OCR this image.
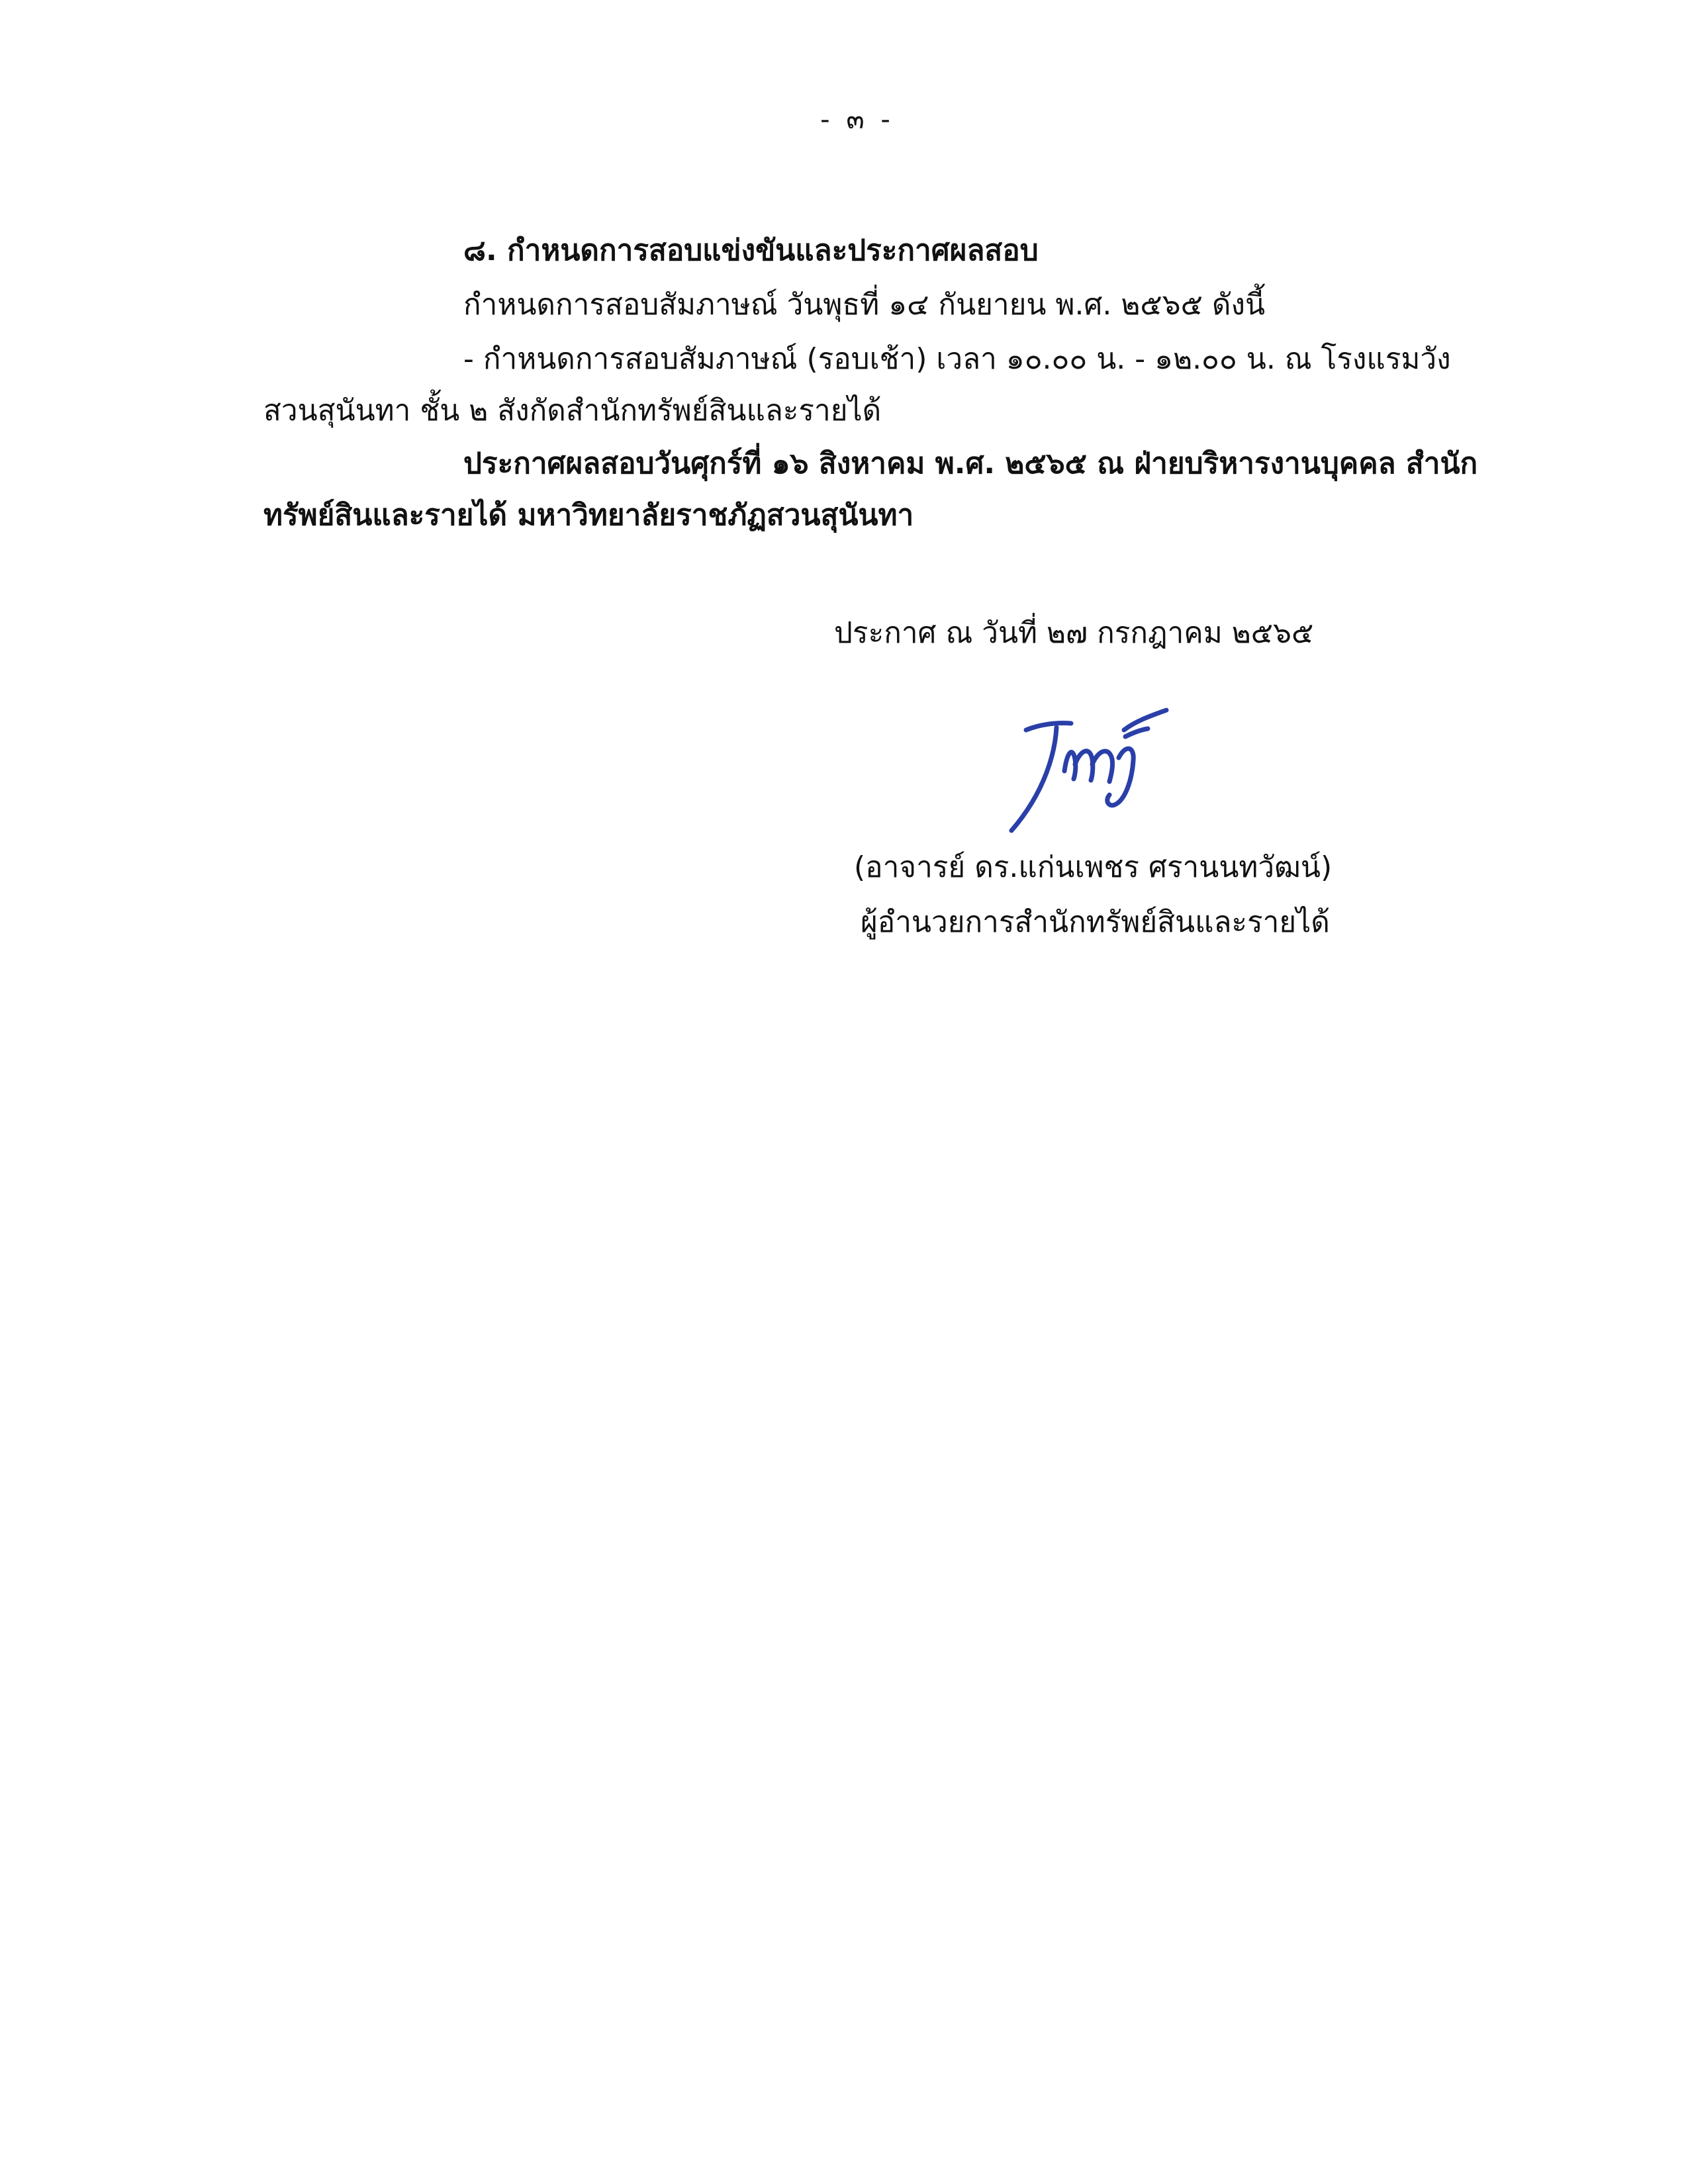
- ๓ -
๘. กำหนดการสอบแข่งขันและประกาศผลสอบ
กำหนดการสอบสัมภาษณ์ วันพุธที่ ๑๔ กันยายน พ.ศ. ๒๕๖๕ ดังนี้
- กำหนดการสอบสัมภาษณ์ (รอบเช้า) เวลา ๑๐.๐๐ น. - ๑๒.๐๐ น. ณ โรงแรมวังสวนสุนันทา ชั้น ๒ สังกัดสำนักทรัพย์สินและรายได้
ประกาศผลสอบวันศุกร์ที่ ๑๖ สิงหาคม พ.ศ. ๒๕๖๕ ณ ฝ่ายบริหารงานบุคคล สำนักทรัพย์สินและรายได้ มหาวิทยาลัยราชภัฏสวนสุนันทา
ประกาศ ณ วันที่ ๒๗ กรกฎาคม ๒๕๖๕
(อาจารย์ ดร.แก่นเพชร ศรานนทวัฒน์)
ผู้อำนวยการสำนักทรัพย์สินและรายได้
